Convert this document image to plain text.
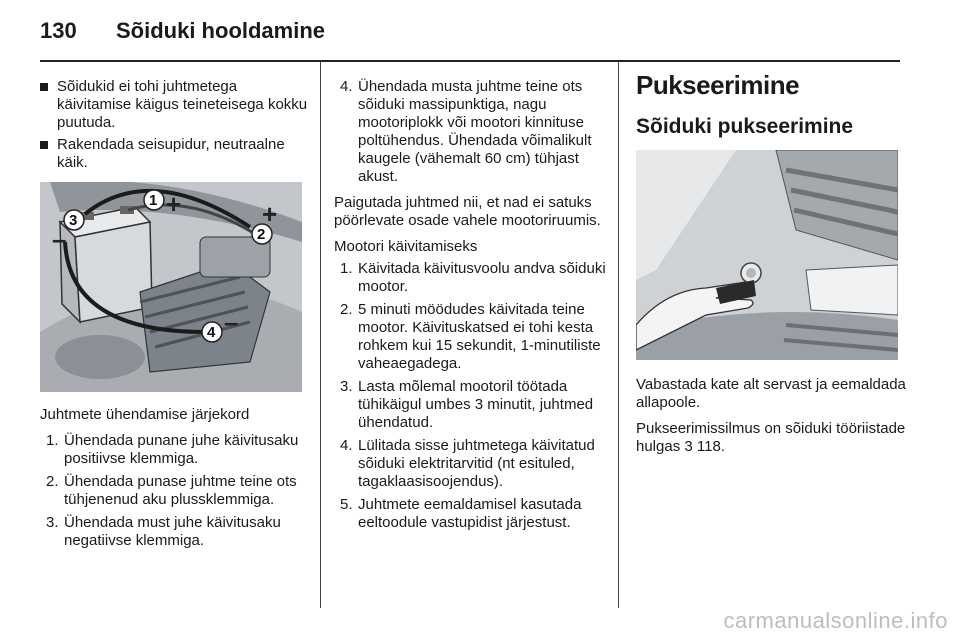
130 Sõiduki hooldamine
Sõidukid ei tohi juhtmetega käivitamise käigus teineteisega kokku puutuda.
Rakendada seisupidur, neutraalne käik.
1 +
2
+
3
–
4 –

Juhtmete ühendamise järjekord

1. Ühendada punane juhe käivitusaku positiivse klemmiga.
2. Ühendada punase juhtme teine ots tühjenenud aku plussklemmiga.
3. Ühendada must juhe käivitusaku negatiivse klemmiga.
4. Ühendada musta juhtme teine ots sõiduki massipunktiga, nagu mootoriplokk või mootori kinnituse poltühendus. Ühendada võimalikult kaugele (vähemalt 60 cm) tühjast akust.

Paigutada juhtmed nii, et nad ei satuks pöörlevate osade vahele mootoriruumis.

Mootori käivitamiseks

1. Käivitada käivitusvoolu andva sõiduki mootor.
2. 5 minuti möödudes käivitada teine mootor. Käivituskatsed ei tohi kesta rohkem kui 15 sekundit, 1-minutiliste vaheaegadega.
3. Lasta mõlemal mootoril töötada tühikäigul umbes 3 minutit, juhtmed ühendatud.
4. Lülitada sisse juhtmetega käivitatud sõiduki elektritarvitid (nt esituled, tagaklaasisoojendus).
5. Juhtmete eemaldamisel kasutada eeltoodule vastupidist järjestust.
Pukseerimine
Sõiduki pukseerimine

Vabastada kate alt servast ja eemaldada allapoole.

Pukseerimissilmus on sõiduki tööriistade hulgas 3 118.

carmanualsonline.info
